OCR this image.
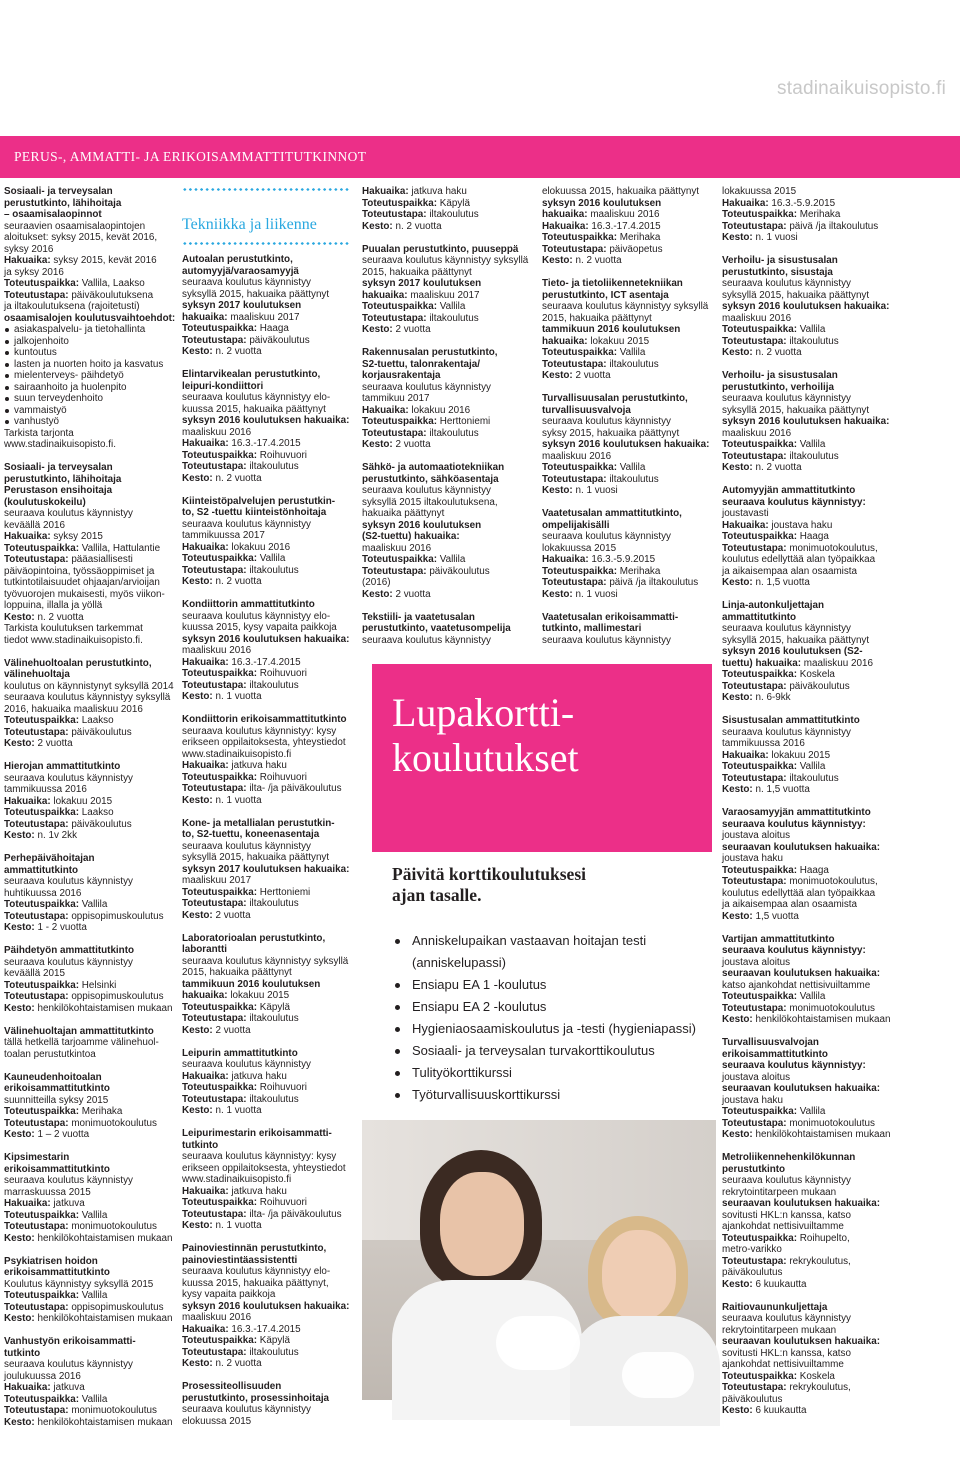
stadinaikuisopisto.fi
PERUS-, AMMATTI- JA ERIKOISAMMATTITUTKINNOT
Sosiaali- ja terveysalan
perustutkinto, lähihoitaja
– osaamisalaopinnot
seuraavien osaamisalaopintojen
aloitukset: syksy 2015, kevät 2016,
syksy 2016
Hakuaika: syksy 2015, kevät 2016
ja syksy 2016
Toteutuspaikka: Vallila, Laakso
Toteutustapa: päiväkoulutuksena
ja iltakoulutuksena (rajoitetusti)
osaamisalojen koulutusvaihtoehdot:
asiakaspalvelu- ja tietohallinta
jalkojenhoito
kuntoutus
lasten ja nuorten hoito ja kasvatus
mielenterveys- päihdetyö
sairaanhoito ja huolenpito
suun terveydenhoito
vammaistyö
vanhustyö
Tarkista tarjonta
www.stadinaikuisopisto.fi.
Sosiaali- ja terveysalan
perustutkinto, lähihoitaja
Perustason ensihoitaja
(koulutuskokeilu)
seuraava koulutus käynnistyy
keväällä 2016
Hakuaika: syksy 2015
Toteutuspaikka: Vallila, Hattulantie
Toteutustapa: pääasiallisesti
päiväopintoina, työssäoppimiset ja
tutkintotilaisuudet ohjaajan/arvioijan
työvuorojen mukaisesti, myös viikon-
loppuina, illalla ja yöllä
Kesto: n. 2 vuotta
Tarkista koulutuksen tarkemmat
tiedot www.stadinaikuisopisto.fi.
Välinehuoltoalan perustutkinto,
välinehuoltaja
koulutus on käynnistynyt syksyllä 2014
seuraava koulutus käynnistyy syksyllä
2016, hakuaika maaliskuu 2016
Toteutuspaikka: Laakso
Toteutustapa: päiväkoulutus
Kesto: 2 vuotta
Hierojan ammattitutkinto
seuraava koulutus käynnistyy
tammikuussa 2016
Hakuaika: lokakuu 2015
Toteutuspaikka: Laakso
Toteutustapa: päiväkoulutus
Kesto: n. 1v 2kk
Perhepäivähoitajan
ammattitutkinto
seuraava koulutus käynnistyy
huhtikuussa 2016
Toteutuspaikka: Vallila
Toteutustapa: oppisopimuskoulutus
Kesto: 1 - 2 vuotta
Päihdetyön ammattitutkinto
seuraava koulutus käynnistyy
keväällä 2015
Toteutuspaikka: Helsinki
Toteutustapa: oppisopimuskoulutus
Kesto: henkilökohtaistamisen mukaan
Välinehuoltajan ammattitutkinto
tällä hetkellä tarjoamme välinehuol-
toalan perustutkintoa
Kauneudenhoitoalan
erikoisammattitutkinto
suunnitteilla syksy 2015
Toteutuspaikka: Merihaka
Toteutustapa: monimuotokoulutus
Kesto: 1 – 2 vuotta
Kipsimestarin
erikoisammattitutkinto
seuraava koulutus käynnistyy
marraskuussa 2015
Hakuaika: jatkuva
Toteutuspaikka: Vallila
Toteutustapa: monimuotokoulutus
Kesto: henkilökohtaistamisen mukaan
Psykiatrisen hoidon
erikoisammattitutkinto
Koulutus käynnistyy syksyllä 2015
Toteutuspaikka: Vallila
Toteutustapa: oppisopimuskoulutus
Kesto: henkilökohtaistamisen mukaan
Vanhustyön erikoisammatti-
tutkinto
seuraava koulutus käynnistyy
joulukuussa 2016
Hakuaika: jatkuva
Toteutuspaikka: Vallila
Toteutustapa: monimuotokoulutus
Kesto: henkilökohtaistamisen mukaan
Tekniikka ja liikenne
Autoalan perustutkinto,
automyyjä/varaosamyyjä
seuraava koulutus käynnistyy
syksyllä 2015, hakuaika päättynyt
syksyn 2017 koulutuksen
hakuaika: maaliskuu 2017
Toteutuspaikka: Haaga
Toteutustapa: päiväkoulutus
Kesto: n. 2 vuotta
Elintarvikealan perustutkinto,
leipuri-kondiittori
seuraava koulutus käynnistyy elo-
kuussa 2015, hakuaika päättynyt
syksyn 2016 koulutuksen hakuaika:
maaliskuu 2016
Hakuaika: 16.3.-17.4.2015
Toteutuspaikka: Roihuvuori
Toteutustapa: iltakoulutus
Kesto: n. 2 vuotta
Kiinteistöpalvelujen perustutkin-
to, S2 -tuettu kiinteistönhoitaja
seuraava koulutus käynnistyy
tammikuussa 2017
Hakuaika: lokakuu 2016
Toteutuspaikka: Vallila
Toteutustapa: iltakoulutus
Kesto: n. 2 vuotta
Kondiittorin ammattitutkinto
seuraava koulutus käynnistyy elo-
kuussa 2015, kysy vapaita paikkoja
syksyn 2016 koulutuksen hakuaika:
maaliskuu 2016
Hakuaika: 16.3.-17.4.2015
Toteutuspaikka: Roihuvuori
Toteutustapa: iltakoulutus
Kesto: n. 1 vuotta
Kondiittorin erikoisammattitutkinto
seuraava koulutus käynnistyy: kysy
erikseen oppilaitoksesta, yhteystiedot
www.stadinaikuisopisto.fi
Hakuaika: jatkuva haku
Toteutuspaikka: Roihuvuori
Toteutustapa: ilta- /ja päiväkoulutus
Kesto: n. 1 vuotta
Kone- ja metallialan perustutkin-
to, S2-tuettu, koneenasentaja
seuraava koulutus käynnistyy
syksyllä 2015, hakuaika päättynyt
syksyn 2017 koulutuksen hakuaika:
maaliskuu 2017
Toteutuspaikka: Herttoniemi
Toteutustapa: iltakoulutus
Kesto: 2 vuotta
Laboratorioalan perustutkinto,
laborantti
seuraava koulutus käynnistyy syksyllä
2015, hakuaika päättynyt
tammikuun 2016 koulutuksen
hakuaika: lokakuu 2015
Toteutuspaikka: Käpylä
Toteutustapa: iltakoulutus
Kesto: 2 vuotta
Leipurin ammattitutkinto
seuraava koulutus käynnistyy
Hakuaika: jatkuva haku
Toteutuspaikka: Roihuvuori
Toteutustapa: iltakoulutus
Kesto: n. 1 vuotta
Leipurimestarin erikoisammatti-
tutkinto
seuraava koulutus käynnistyy: kysy
erikseen oppilaitoksesta, yhteystiedot
www.stadinaikuisopisto.fi
Hakuaika: jatkuva haku
Toteutuspaikka: Roihuvuori
Toteutustapa: ilta- /ja päiväkoulutus
Kesto: n. 1 vuotta
Painoviestinnän perustutkinto,
painoviestintäassistentti
seuraava koulutus käynnistyy elo-
kuussa 2015, hakuaika päättynyt,
kysy vapaita paikkoja
syksyn 2016 koulutuksen hakuaika:
maaliskuu 2016
Hakuaika: 16.3.-17.4.2015
Toteutuspaikka: Käpylä
Toteutustapa: iltakoulutus
Kesto: n. 2 vuotta
Prosessiteollisuuden
perustutkinto, prosessinhoitaja
seuraava koulutus käynnistyy
elokuussa 2015
Hakuaika: jatkuva haku
Toteutuspaikka: Käpylä
Toteutustapa: iltakoulutus
Kesto: n. 2 vuotta
Puualan perustutkinto, puuseppä
seuraava koulutus käynnistyy syksyllä
2015, hakuaika päättynyt
syksyn 2017 koulutuksen
hakuaika: maaliskuu 2017
Toteutuspaikka: Vallila
Toteutustapa: iltakoulutus
Kesto: 2 vuotta
Rakennusalan perustutkinto,
S2-tuettu, talonrakentaja/
korjausrakentaja
seuraava koulutus käynnistyy
tammikuu 2017
Hakuaika: lokakuu 2016
Toteutuspaikka: Herttoniemi
Toteutustapa: iltakoulutus
Kesto: 2 vuotta
Sähkö- ja automaatiotekniikan
perustutkinto, sähköasentaja
seuraava koulutus käynnistyy
syksyllä 2015 iltakoulutuksena,
hakuaika päättynyt
syksyn 2016 koulutuksen
(S2-tuettu) hakuaika:
maaliskuu 2016
Toteutuspaikka: Vallila
Toteutustapa: päiväkoulutus
(2016)
Kesto: 2 vuotta
Tekstiili- ja vaatetusalan
perustutkinto, vaatetusompelija
seuraava koulutus käynnistyy
elokuussa 2015, hakuaika päättynyt
syksyn 2016 koulutuksen
hakuaika: maaliskuu 2016
Hakuaika: 16.3.-17.4.2015
Toteutuspaikka: Merihaka
Toteutustapa: päiväopetus
Kesto: n. 2 vuotta
Tieto- ja tietoliikennetekniikan
perustutkinto, ICT asentaja
seuraava koulutus käynnistyy syksyllä
2015, hakuaika päättynyt
tammikuun 2016 koulutuksen
hakuaika: lokakuu 2015
Toteutuspaikka: Vallila
Toteutustapa: iltakoulutus
Kesto: 2 vuotta
Turvallisuusalan perustutkinto,
turvallisuusvalvoja
seuraava koulutus käynnistyy
syksy 2015, hakuaika päättynyt
syksyn 2016 koulutuksen hakuaika:
maaliskuu 2016
Toteutuspaikka: Vallila
Toteutustapa: iltakoulutus
Kesto: n. 1 vuosi
Vaatetusalan ammattitutkinto,
ompelijakisälli
seuraava koulutus käynnistyy
lokakuussa 2015
Hakuaika: 16.3.-5.9.2015
Toteutuspaikka: Merihaka
Toteutustapa: päivä /ja iltakoulutus
Kesto: n. 1 vuosi
Vaatetusalan erikoisammatti-
tutkinto, mallimestari
seuraava koulutus käynnistyy
lokakuussa 2015
Hakuaika: 16.3.-5.9.2015
Toteutuspaikka: Merihaka
Toteutustapa: päivä /ja iltakoulutus
Kesto: n. 1 vuosi
Verhoilu- ja sisustusalan
perustutkinto, sisustaja
seuraava koulutus käynnistyy
syksyllä 2015, hakuaika päättynyt
syksyn 2016 koulutuksen hakuaika:
maaliskuu 2016
Toteutuspaikka: Vallila
Toteutustapa: iltakoulutus
Kesto: n. 2 vuotta
Verhoilu- ja sisustusalan
perustutkinto, verhoilija
seuraava koulutus käynnistyy
syksyllä 2015, hakuaika päättynyt
syksyn 2016 koulutuksen hakuaika:
maaliskuu 2016
Toteutuspaikka: Vallila
Toteutustapa: iltakoulutus
Kesto: n. 2 vuotta
Automyyjän ammattitutkinto
seuraava koulutus käynnistyy:
joustavasti
Hakuaika: joustava haku
Toteutuspaikka: Haaga
Toteutustapa: monimuotokoulutus,
koulutus edellyttää alan työpaikkaa
ja aikaisempaa alan osaamista
Kesto: n. 1,5 vuotta
Linja-autonkuljettajan
ammattitutkinto
seuraava koulutus käynnistyy
syksyllä 2015, hakuaika päättynyt
syksyn 2016 koulutuksen (S2-
tuettu) hakuaika: maaliskuu 2016
Toteutuspaikka: Koskela
Toteutustapa: päiväkoulutus
Kesto: n. 6-9kk
Sisustusalan ammattitutkinto
seuraava koulutus käynnistyy
tammikuussa 2016
Hakuaika: lokakuu 2015
Toteutuspaikka: Vallila
Toteutustapa: iltakoulutus
Kesto: n. 1,5 vuotta
Varaosamyyjän ammattitutkinto
seuraava koulutus käynnistyy:
joustava aloitus
seuraavan koulutuksen hakuaika:
joustava haku
Toteutuspaikka: Haaga
Toteutustapa: monimuotokoulutus,
koulutus edellyttää alan työpaikkaa
ja aikaisempaa alan osaamista
Kesto: 1,5 vuotta
Vartijan ammattitutkinto
seuraava koulutus käynnistyy:
joustava aloitus
seuraavan koulutuksen hakuaika:
katso ajankohdat nettisivuiltamme
Toteutuspaikka: Vallila
Toteutustapa: monimuotokoulutus
Kesto: henkilökohtaistamisen mukaan
Turvallisuusvalvojan
erikoisammattitutkinto
seuraava koulutus käynnistyy:
joustava aloitus
seuraavan koulutuksen hakuaika:
joustava haku
Toteutuspaikka: Vallila
Toteutustapa: monimuotokoulutus
Kesto: henkilökohtaistamisen mukaan
Metroliikennehenkilökunnan
perustutkinto
seuraava koulutus käynnistyy
rekrytointitarpeen mukaan
seuraavan koulutuksen hakuaika:
sovitusti HKL:n kanssa, katso
ajankohdat nettisivuiltamme
Toteutuspaikka: Roihupelto,
metro-varikko
Toteutustapa: rekrykoulutus,
päiväkoulutus
Kesto: 6 kuukautta
Raitiovaununkuljettaja
seuraava koulutus käynnistyy
rekrytointitarpeen mukaan
seuraavan koulutuksen hakuaika:
sovitusti HKL:n kanssa, katso
ajankohdat nettisivuiltamme
Toteutuspaikka: Koskela
Toteutustapa: rekrykoulutus,
päiväkoulutus
Kesto: 6 kuukautta
Lupakortti-
koulutukset
Päivitä korttikoulutuksesi
ajan tasalle.
Anniskelupaikan vastaavan hoitajan testi (anniskelupassi)
Ensiapu EA 1 -koulutus
Ensiapu EA 2 -koulutus
Hygieniaosaamiskoulutus ja -testi (hygieniapassi)
Sosiaali- ja terveysalan turvakorttikoulutus
Tulityökorttikurssi
Työturvallisuuskorttikurssi
